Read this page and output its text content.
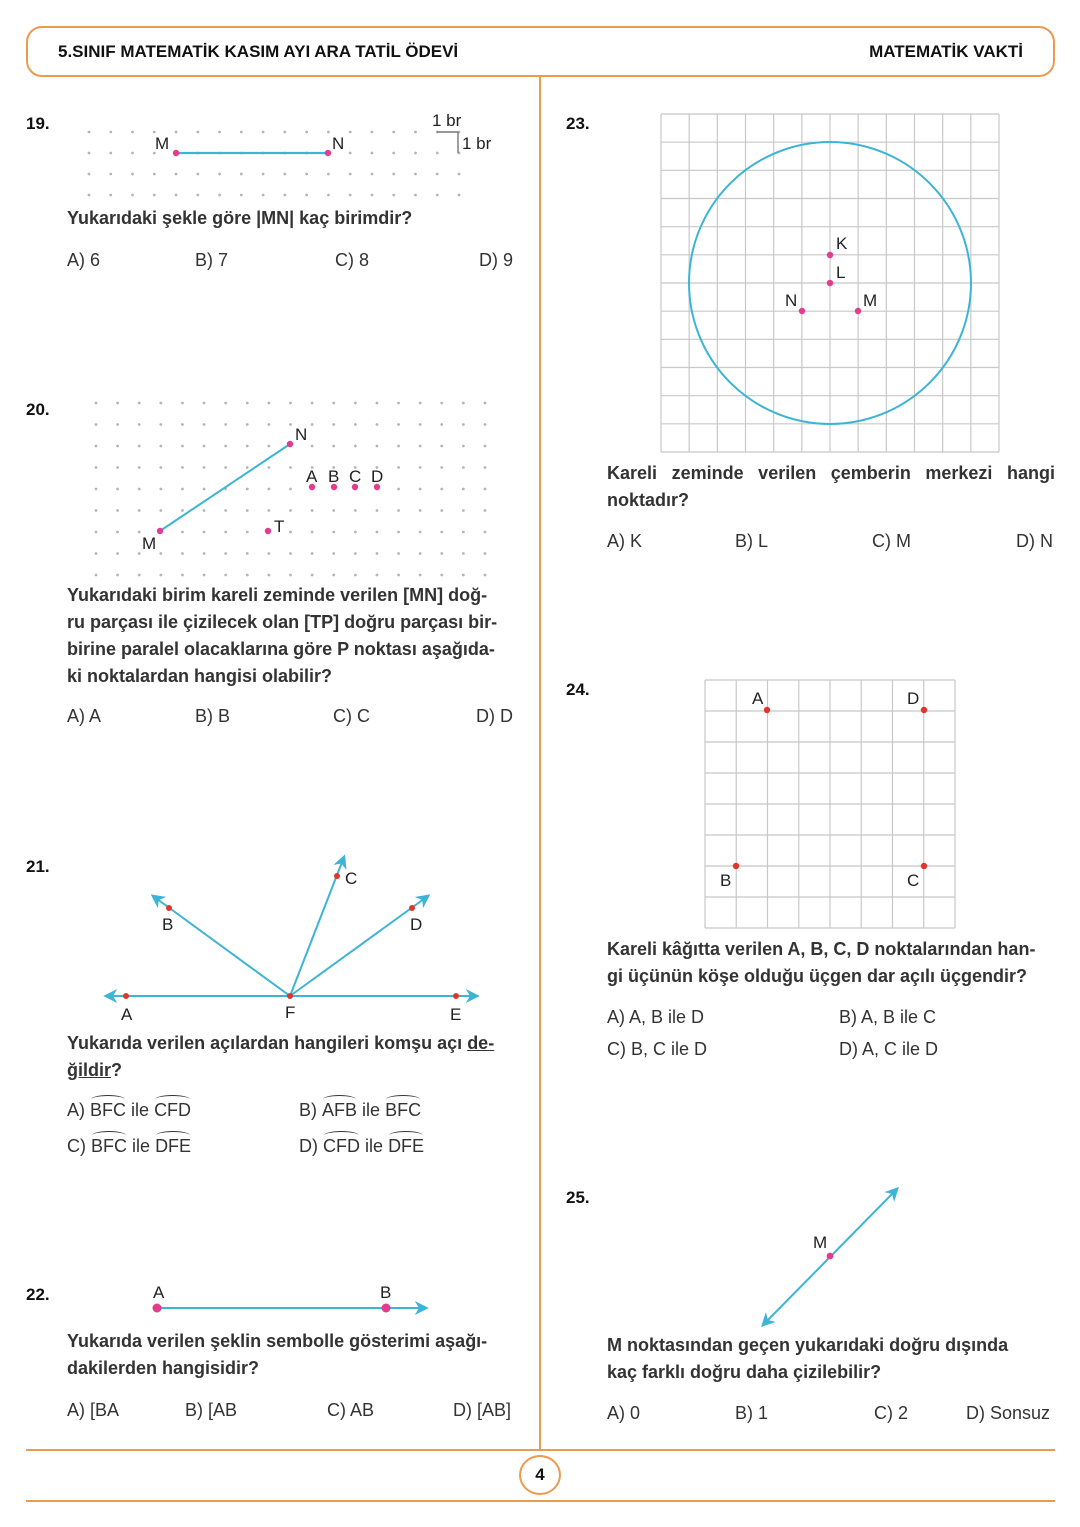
5.SINIF MATEMATİK KASIM AYI ARA TATİL ÖDEVİ	MATEMATİK VAKTİ
19.
M	N
1 br
1 br
Yukarıdaki şekle göre |MN| kaç birimdir?
A) 6	B) 7	C) 8	D) 9
20.
M
N
T
A B C D
Yukarıdaki birim kareli zeminde verilen [MN] doğ-
ru parçası ile çizilecek olan [TP] doğru parçası bir-
birine paralel olacaklarına göre P noktası aşağıda-
ki noktalardan hangisi olabilir?
A) A	B) B	C) C	D) D
21.
A
B
C
D
E
F
Yukarıda verilen açılardan hangileri komşu açı de-
ğildir?
A) BFC ile CFD	B) AFB ile BFC
C) BFC ile DFE	D) CFD ile DFE
22.	A	B
Yukarıda verilen şeklin sembolle gösterimi aşağı-
dakilerden hangisidir?
A) [BA	B) [AB	C) AB	D) [AB]
23.
K
L
N	M
Kareli zeminde verilen çemberin merkezi hangi
noktadır?
A) K	B) L	C) M	D) N
24.	A	D
B	C
Kareli kâğıtta verilen A, B, C, D noktalarından han-
gi üçünün köşe olduğu üçgen dar açılı üçgendir?
A) A, B ile D	B) A, B ile C
C) B, C ile D	D) A, C ile D
25.
M
M noktasından geçen yukarıdaki doğru dışında
kaç farklı doğru daha çizilebilir?
A) 0	B) 1	C) 2	D) Sonsuz
4
